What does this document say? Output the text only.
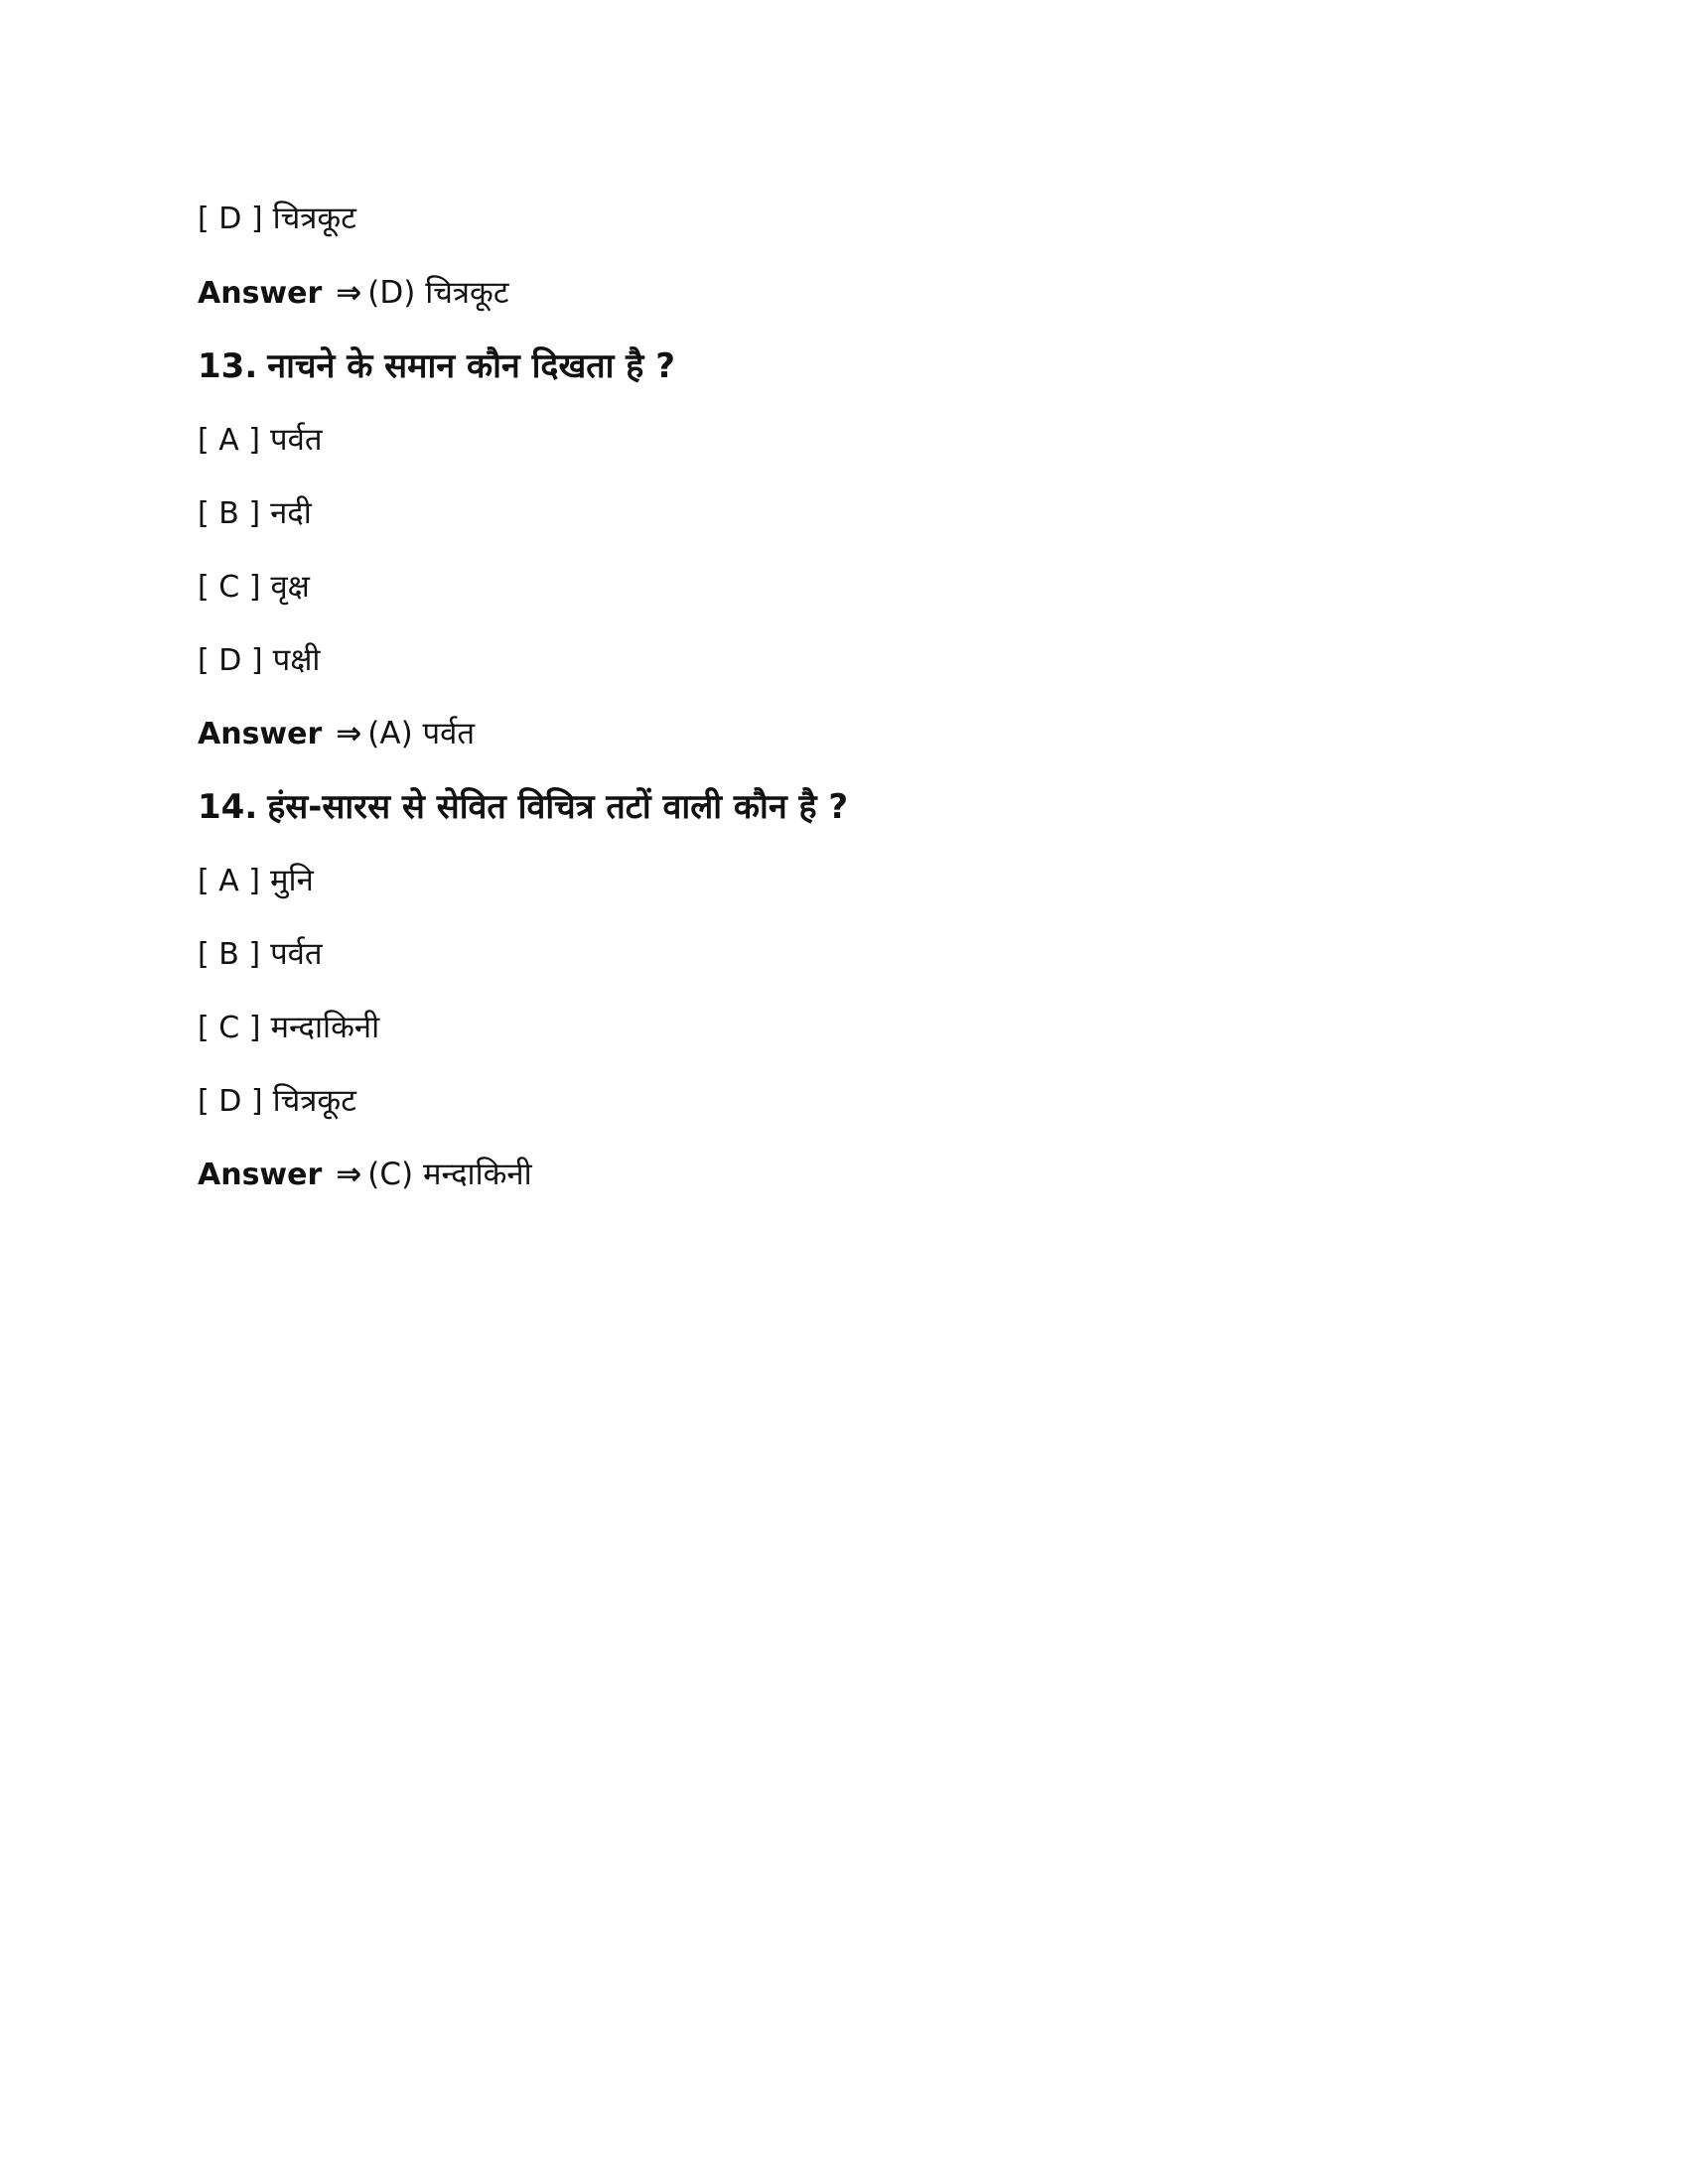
[ D ] चित्रकूट
Answer ⇒ (D) चित्रकूट
13. नाचने के समान कौन दिखता है ?
[ A ] पर्वत
[ B ] नदी
[ C ] वृक्ष
[ D ] पक्षी
Answer ⇒ (A) पर्वत
14. हंस-सारस से सेवित विचित्र तटों वाली कौन है ?
[ A ] मुनि
[ B ] पर्वत
[ C ] मन्दाकिनी
[ D ] चित्रकूट
Answer ⇒ (C) मन्दाकिनी
